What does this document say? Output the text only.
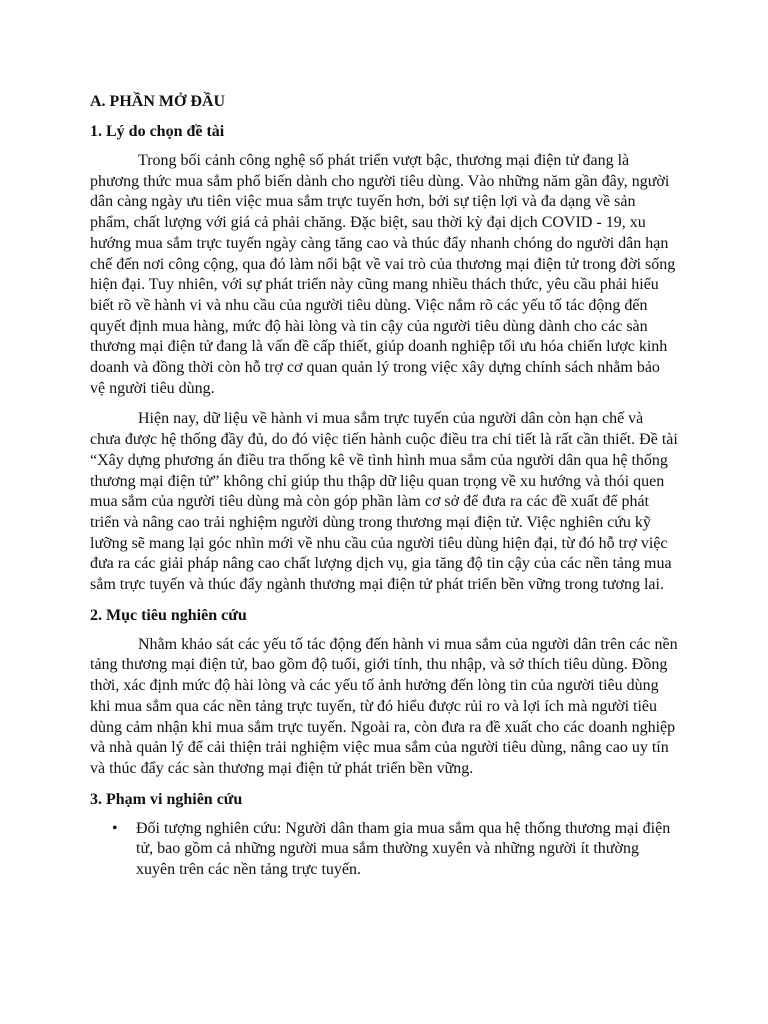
A. PHẦN MỞ ĐẦU
1. Lý do chọn đề tài

Trong bối cảnh công nghệ số phát triển vượt bậc, thương mại điện tử đang là phương thức mua sắm phổ biến dành cho người tiêu dùng. Vào những năm gần đây, người dân càng ngày ưu tiên việc mua sắm trực tuyến hơn, bởi sự tiện lợi và đa dạng về sản phẩm, chất lượng với giá cả phải chăng. Đặc biệt, sau thời kỳ đại dịch COVID - 19, xu hướng mua sắm trực tuyến ngày càng tăng cao và thúc đẩy nhanh chóng do người dân hạn chế đến nơi công cộng, qua đó làm nổi bật về vai trò của thương mại điện tử trong đời sống hiện đại. Tuy nhiên, với sự phát triển này cũng mang nhiều thách thức, yêu cầu phải hiểu biết rõ về hành vi và nhu cầu của người tiêu dùng. Việc nắm rõ các yếu tố tác động đến quyết định mua hàng, mức độ hài lòng và tin cậy của người tiêu dùng dành cho các sàn thương mại điện tử đang là vấn đề cấp thiết, giúp doanh nghiệp tối ưu hóa chiến lược kinh doanh và đồng thời còn hỗ trợ cơ quan quản lý trong việc xây dựng chính sách nhằm bảo vệ người tiêu dùng.

Hiện nay, dữ liệu về hành vi mua sắm trực tuyến của người dân còn hạn chế và chưa được hệ thống đầy đủ, do đó việc tiến hành cuộc điều tra chi tiết là rất cần thiết. Đề tài “Xây dựng phương án điều tra thống kê về tình hình mua sắm của người dân qua hệ thống thương mại điện tử” không chỉ giúp thu thập dữ liệu quan trọng về xu hướng và thói quen mua sắm của người tiêu dùng mà còn góp phần làm cơ sở để đưa ra các đề xuất để phát triển và nâng cao trải nghiệm người dùng trong thương mại điện tử. Việc nghiên cứu kỹ lưỡng sẽ mang lại góc nhìn mới về nhu cầu của người tiêu dùng hiện đại, từ đó hỗ trợ việc đưa ra các giải pháp nâng cao chất lượng dịch vụ, gia tăng độ tin cậy của các nền tảng mua sắm trực tuyến và thúc đẩy ngành thương mại điện tử phát triển bền vững trong tương lai.

2. Mục tiêu nghiên cứu

Nhằm khảo sát các yếu tố tác động đến hành vi mua sắm của người dân trên các nền tảng thương mại điện tử, bao gồm độ tuổi, giới tính, thu nhập, và sở thích tiêu dùng. Đồng thời, xác định mức độ hài lòng và các yếu tố ảnh hưởng đến lòng tin của người tiêu dùng khi mua sắm qua các nền tảng trực tuyến, từ đó hiểu được rủi ro và lợi ích mà người tiêu dùng cảm nhận khi mua sắm trực tuyến. Ngoài ra, còn đưa ra đề xuất cho các doanh nghiệp và nhà quản lý để cải thiện trải nghiệm việc mua sắm của người tiêu dùng, nâng cao uy tín và thúc đẩy các sàn thương mại điện tử phát triển bền vững.

3. Phạm vi nghiên cứu
• Đối tượng nghiên cứu: Người dân tham gia mua sắm qua hệ thống thương mại điện tử, bao gồm cả những người mua sắm thường xuyên và những người ít thường xuyên trên các nền tảng trực tuyến.
